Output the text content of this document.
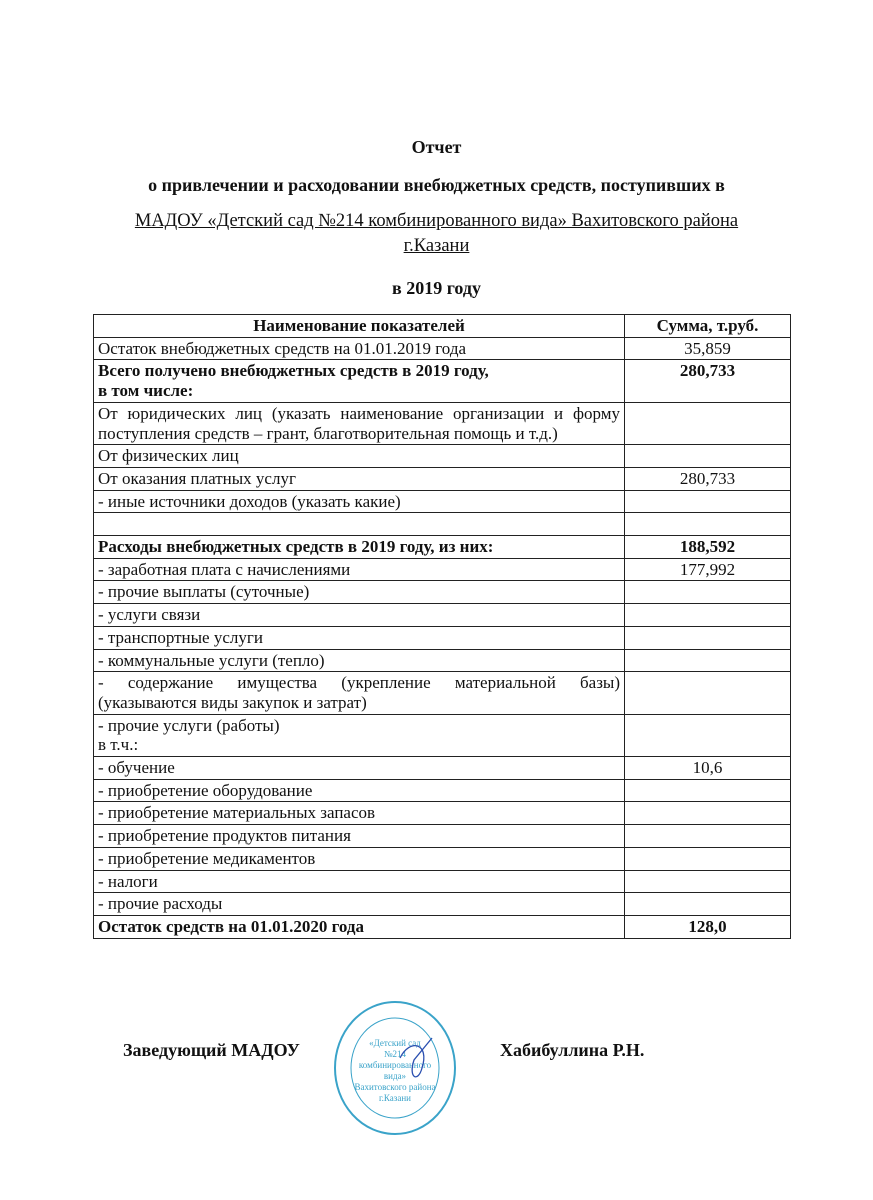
Отчет
о привлечении и расходовании внебюджетных средств, поступивших в
МАДОУ «Детский сад №214 комбинированного вида» Вахитовского района
г.Казани
в 2019 году
Наименование показателей	Сумма, т.руб.
Остаток внебюджетных средств на 01.01.2019 года	35,859
Всего получено внебюджетных средств в 2019 году,
в том числе:	280,733
От юридических лиц (указать наименование организации и форму поступления средств – грант, благотворительная помощь и т.д.)	
От физических лиц	
От оказания платных услуг	280,733
- иные источники доходов (указать какие)	

Расходы внебюджетных средств в 2019 году, из них:	188,592
- заработная плата с начислениями	177,992
- прочие выплаты (суточные)	
- услуги связи	
- транспортные услуги	
- коммунальные услуги (тепло)	
- содержание имущества (укрепление материальной базы) (указываются виды закупок и затрат)	
- прочие услуги (работы)
в т.ч.:	
- обучение	10,6
- приобретение оборудование	
- приобретение материальных запасов	
- приобретение продуктов питания	
- приобретение медикаментов	
- налоги	
- прочие расходы	
Остаток средств на 01.01.2020 года	128,0
Заведующий МАДОУ	Хабибуллина Р.Н.
«Детский сад
№214
комбинированного
вида»
Вахитовского района
г.Казани
